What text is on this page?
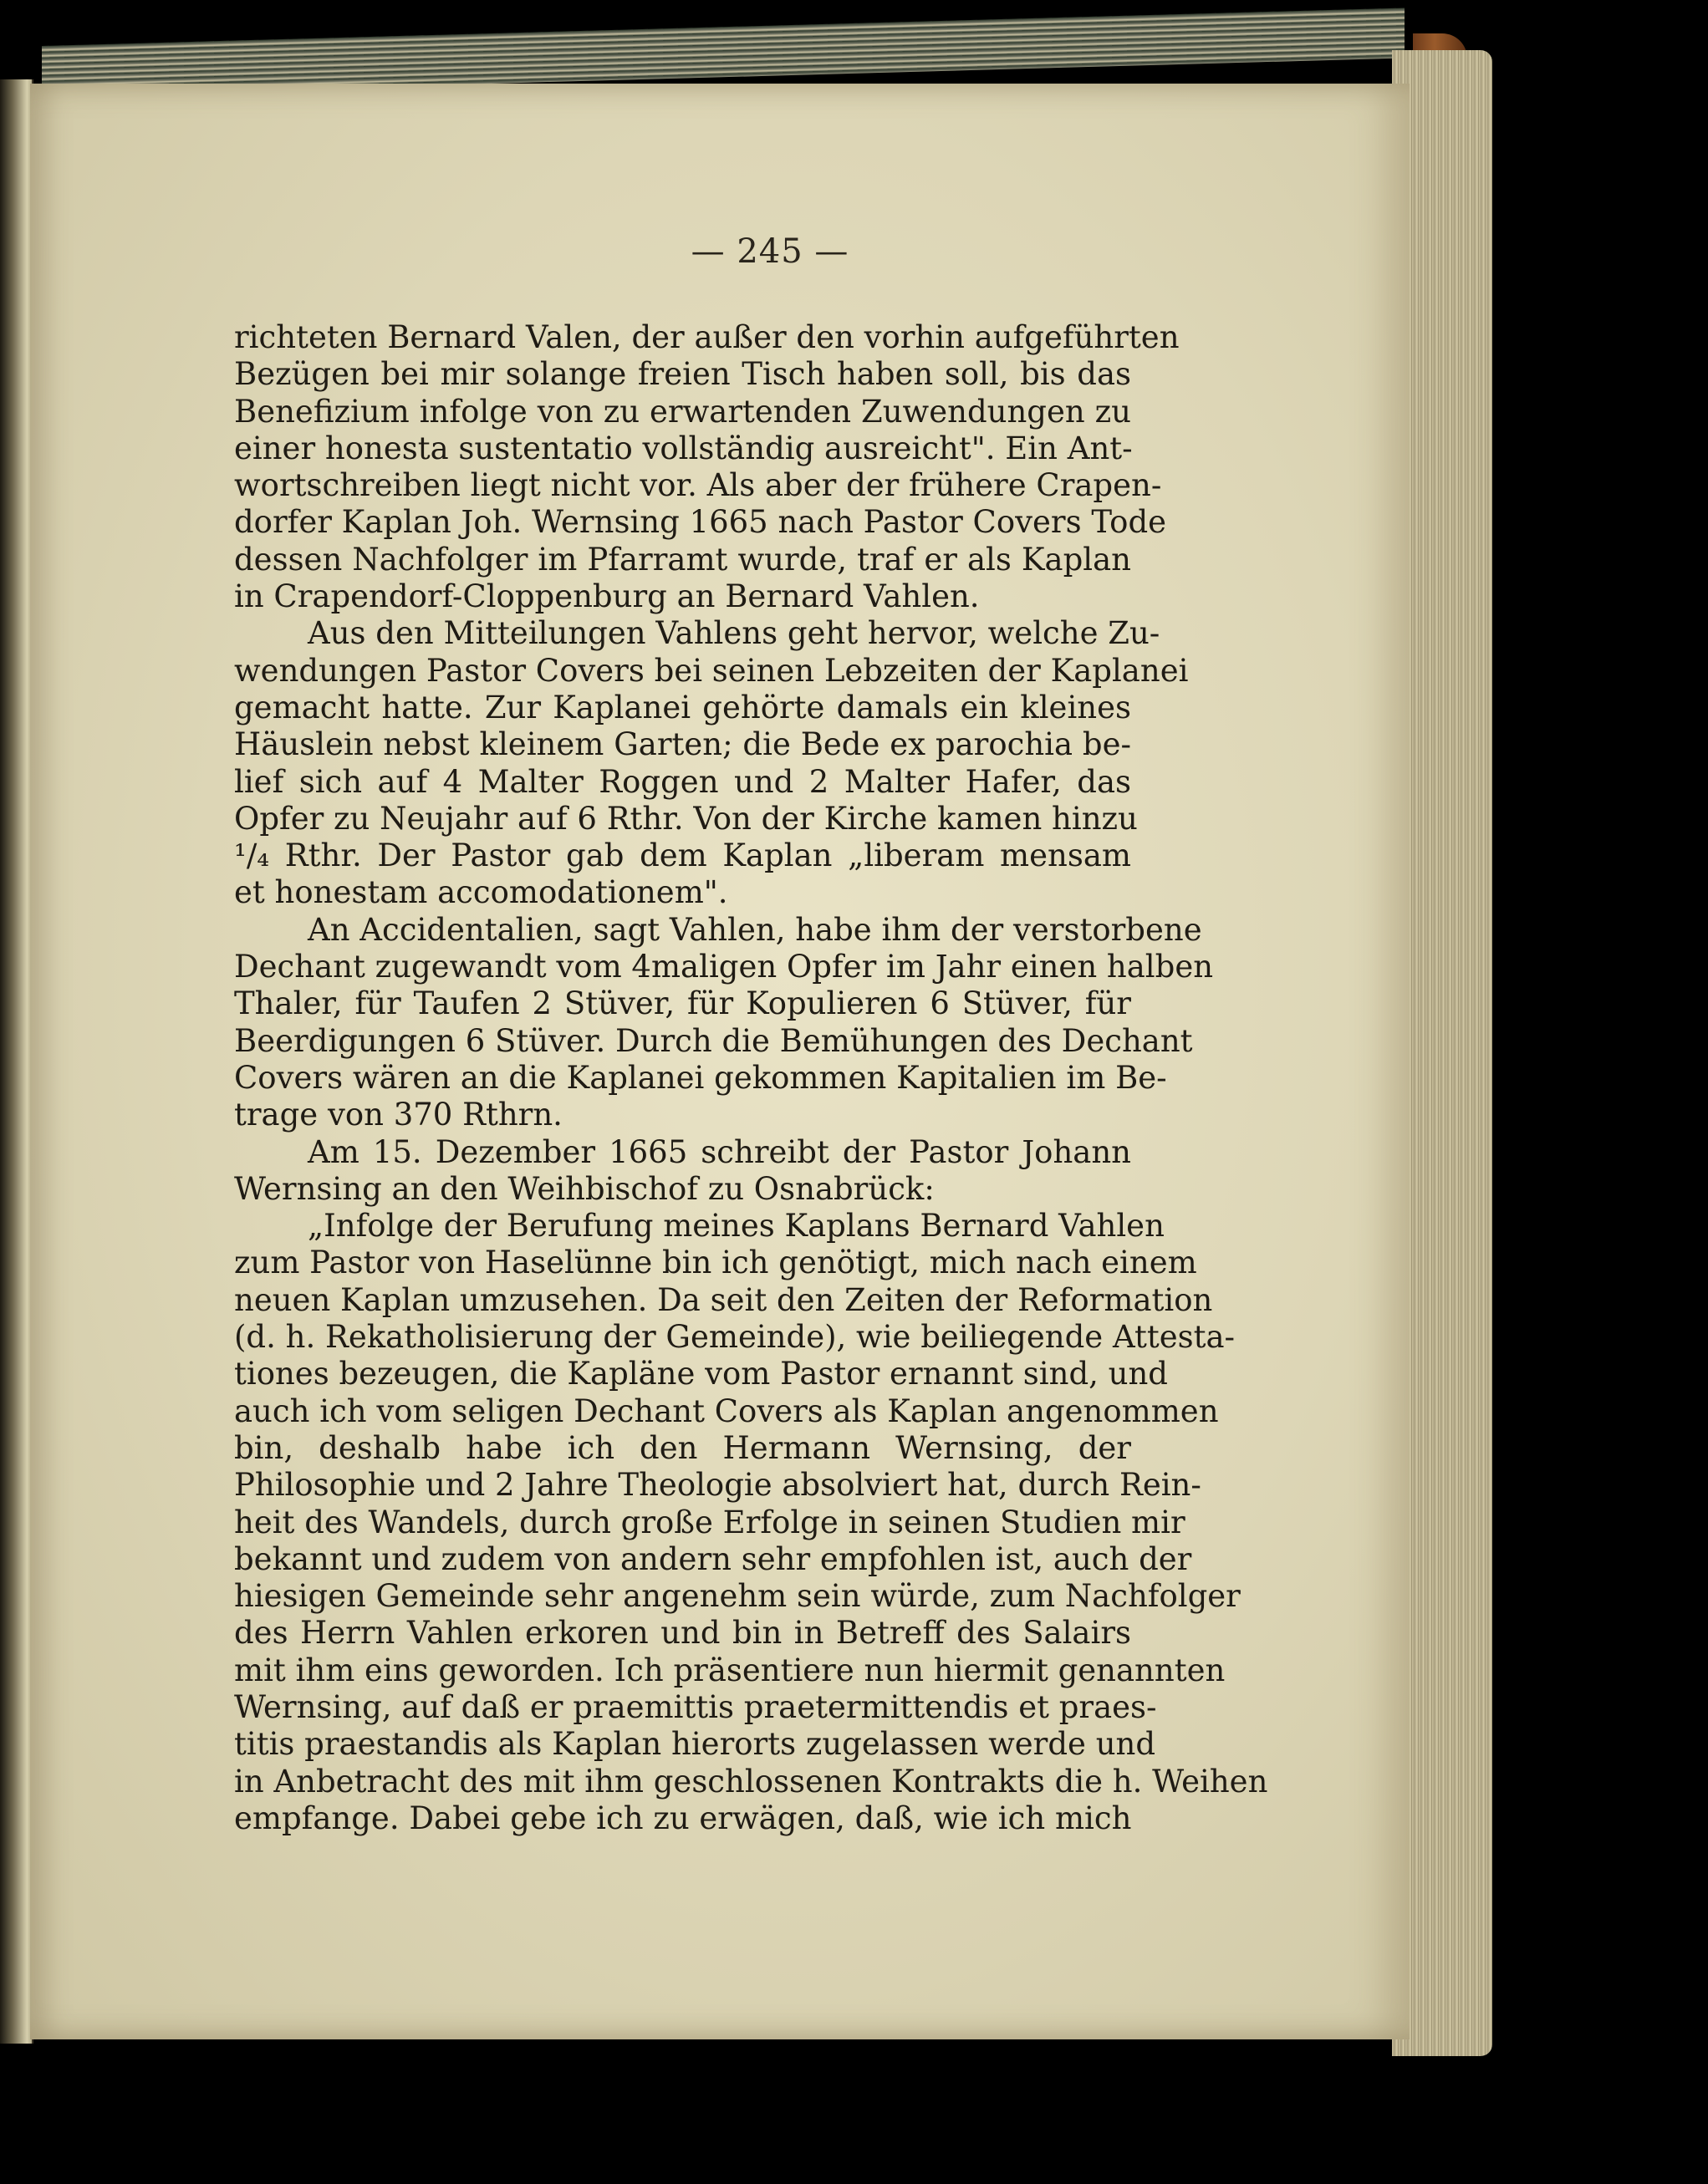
— 245 —

richteten Bernard Valen, der außer den vorhin aufgeführten

Bezügen bei mir solange freien Tisch haben soll, bis das

Benefizium infolge von zu erwartenden Zuwendungen zu

einer honesta sustentatio vollständig ausreicht". Ein Ant-

wortschreiben liegt nicht vor. Als aber der frühere Crapen-

dorfer Kaplan Joh. Wernsing 1665 nach Pastor Covers Tode

dessen Nachfolger im Pfarramt wurde, traf er als Kaplan

in Crapendorf-Cloppenburg an Bernard Vahlen.

Aus den Mitteilungen Vahlens geht hervor, welche Zu-

wendungen Pastor Covers bei seinen Lebzeiten der Kaplanei

gemacht hatte. Zur Kaplanei gehörte damals ein kleines

Häuslein nebst kleinem Garten; die Bede ex parochia be-

lief sich auf 4 Malter Roggen und 2 Malter Hafer, das

Opfer zu Neujahr auf 6 Rthr. Von der Kirche kamen hinzu

¹/₄ Rthr. Der Pastor gab dem Kaplan „liberam mensam

et honestam accomodationem".

An Accidentalien, sagt Vahlen, habe ihm der verstorbene

Dechant zugewandt vom 4maligen Opfer im Jahr einen halben

Thaler, für Taufen 2 Stüver, für Kopulieren 6 Stüver, für

Beerdigungen 6 Stüver. Durch die Bemühungen des Dechant

Covers wären an die Kaplanei gekommen Kapitalien im Be-

trage von 370 Rthrn.

Am 15. Dezember 1665 schreibt der Pastor Johann

Wernsing an den Weihbischof zu Osnabrück:

„Infolge der Berufung meines Kaplans Bernard Vahlen

zum Pastor von Haselünne bin ich genötigt, mich nach einem

neuen Kaplan umzusehen. Da seit den Zeiten der Reformation

(d. h. Rekatholisierung der Gemeinde), wie beiliegende Attesta-

tiones bezeugen, die Kapläne vom Pastor ernannt sind, und

auch ich vom seligen Dechant Covers als Kaplan angenommen

bin, deshalb habe ich den Hermann Wernsing, der

Philosophie und 2 Jahre Theologie absolviert hat, durch Rein-

heit des Wandels, durch große Erfolge in seinen Studien mir

bekannt und zudem von andern sehr empfohlen ist, auch der

hiesigen Gemeinde sehr angenehm sein würde, zum Nachfolger

des Herrn Vahlen erkoren und bin in Betreff des Salairs

mit ihm eins geworden. Ich präsentiere nun hiermit genannten

Wernsing, auf daß er praemittis praetermittendis et praes-

titis praestandis als Kaplan hierorts zugelassen werde und

in Anbetracht des mit ihm geschlossenen Kontrakts die h. Weihen

empfange. Dabei gebe ich zu erwägen, daß, wie ich mich
